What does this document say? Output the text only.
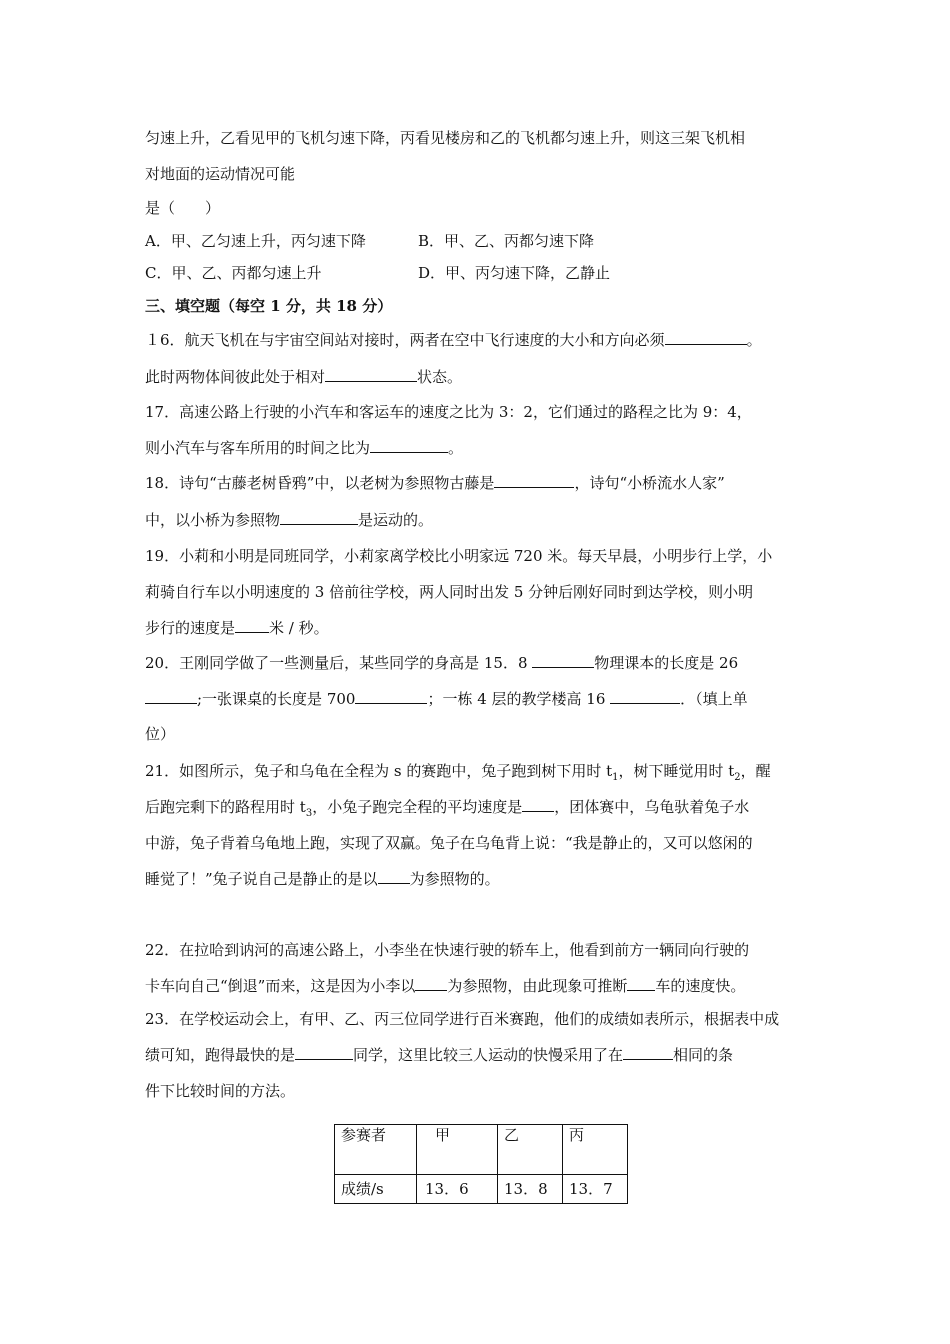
匀速上升，乙看见甲的飞机匀速下降，丙看见楼房和乙的飞机都匀速上升，则这三架飞机相
对地面的运动情况可能
是（　　）
A．甲、乙匀速上升，丙匀速下降	B．甲、乙、丙都匀速下降
C．甲、乙、丙都匀速上升	D．甲、丙匀速下降，乙静止
三、填空题（每空 1 分，共 18 分）
１6．航天飞机在与宇宙空间站对接时，两者在空中飞行速度的大小和方向必须	。
此时两物体间彼此处于相对	状态。
17．高速公路上行驶的小汽车和客运车的速度之比为 3：2，它们通过的路程之比为 9：4，
则小汽车与客车所用的时间之比为	。
18．诗句“古藤老树昏鸦”中，以老树为参照物古藤是	，诗句“小桥流水人家”
中，以小桥为参照物	是运动的。
19．小莉和小明是同班同学，小莉家离学校比小明家远 720 米。每天早晨，小明步行上学，小
莉骑自行车以小明速度的 3 倍前往学校，两人同时出发 5 分钟后刚好同时到达学校，则小明
步行的速度是 米 / 秒。
20．王刚同学做了一些测量后，某些同学的身高是 15．8	物理课本的长度是 26
;一张课桌的长度是 700	；一栋 4 层的教学楼高 16	．（填上单
位）
21．如图所示，兔子和乌龟在全程为 s 的赛跑中，兔子跑到树下用时 $t_1$，树下睡觉用时 $t_2$，醒
后跑完剩下的路程用时 $t_3$，小兔子跑完全程的平均速度是 ，团体赛中，乌龟驮着兔子水
中游，兔子背着乌龟地上跑，实现了双赢。兔子在乌龟背上说：“我是静止的，又可以悠闲的
睡觉了！”兔子说自己是静止的是以 为参照物的。
22．在拉哈到讷河的高速公路上，小李坐在快速行驶的轿车上，他看到前方一辆同向行驶的
卡车向自己“倒退”而来，这是因为小李以 为参照物，由此现象可推断 车的速度快。
23．在学校运动会上，有甲、乙、丙三位同学进行百米赛跑，他们的成绩如表所示，根据表中成
绩可知，跑得最快的是	同学，这里比较三人运动的快慢采用了在	相同的条
件下比较时间的方法。
参赛者	甲	乙	丙
成绩/s	13．6	13．8	13．7
